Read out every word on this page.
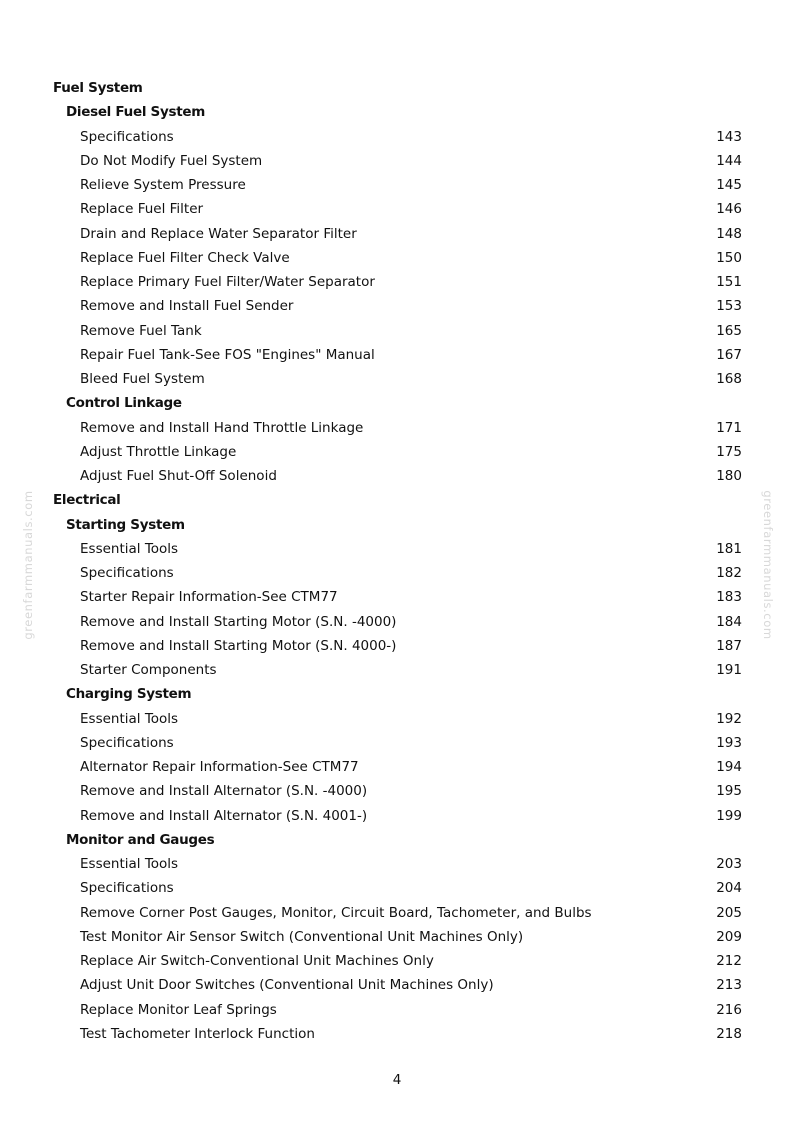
Fuel System
Diesel Fuel System
Specifications	143
Do Not Modify Fuel System	144
Relieve System Pressure	145
Replace Fuel Filter	146
Drain and Replace Water Separator Filter	148
Replace Fuel Filter Check Valve	150
Replace Primary Fuel Filter/Water Separator	151
Remove and Install Fuel Sender	153
Remove Fuel Tank	165
Repair Fuel Tank-See FOS "Engines" Manual	167
Bleed Fuel System	168
Control Linkage
Remove and Install Hand Throttle Linkage	171
Adjust Throttle Linkage	175
Adjust Fuel Shut-Off Solenoid	180
Electrical
Starting System
Essential Tools	181
Specifications	182
Starter Repair Information-See CTM77	183
Remove and Install Starting Motor (S.N. -4000)	184
Remove and Install Starting Motor (S.N. 4000-)	187
Starter Components	191
Charging System
Essential Tools	192
Specifications	193
Alternator Repair Information-See CTM77	194
Remove and Install Alternator (S.N. -4000)	195
Remove and Install Alternator (S.N. 4001-)	199
Monitor and Gauges
Essential Tools	203
Specifications	204
Remove Corner Post Gauges, Monitor, Circuit Board, Tachometer, and Bulbs	205
Test Monitor Air Sensor Switch (Conventional Unit Machines Only)	209
Replace Air Switch-Conventional Unit Machines Only	212
Adjust Unit Door Switches (Conventional Unit Machines Only)	213
Replace Monitor Leaf Springs	216
Test Tachometer Interlock Function	218
greenfarmmanuals.com	greenfarmmanuals.com
4
